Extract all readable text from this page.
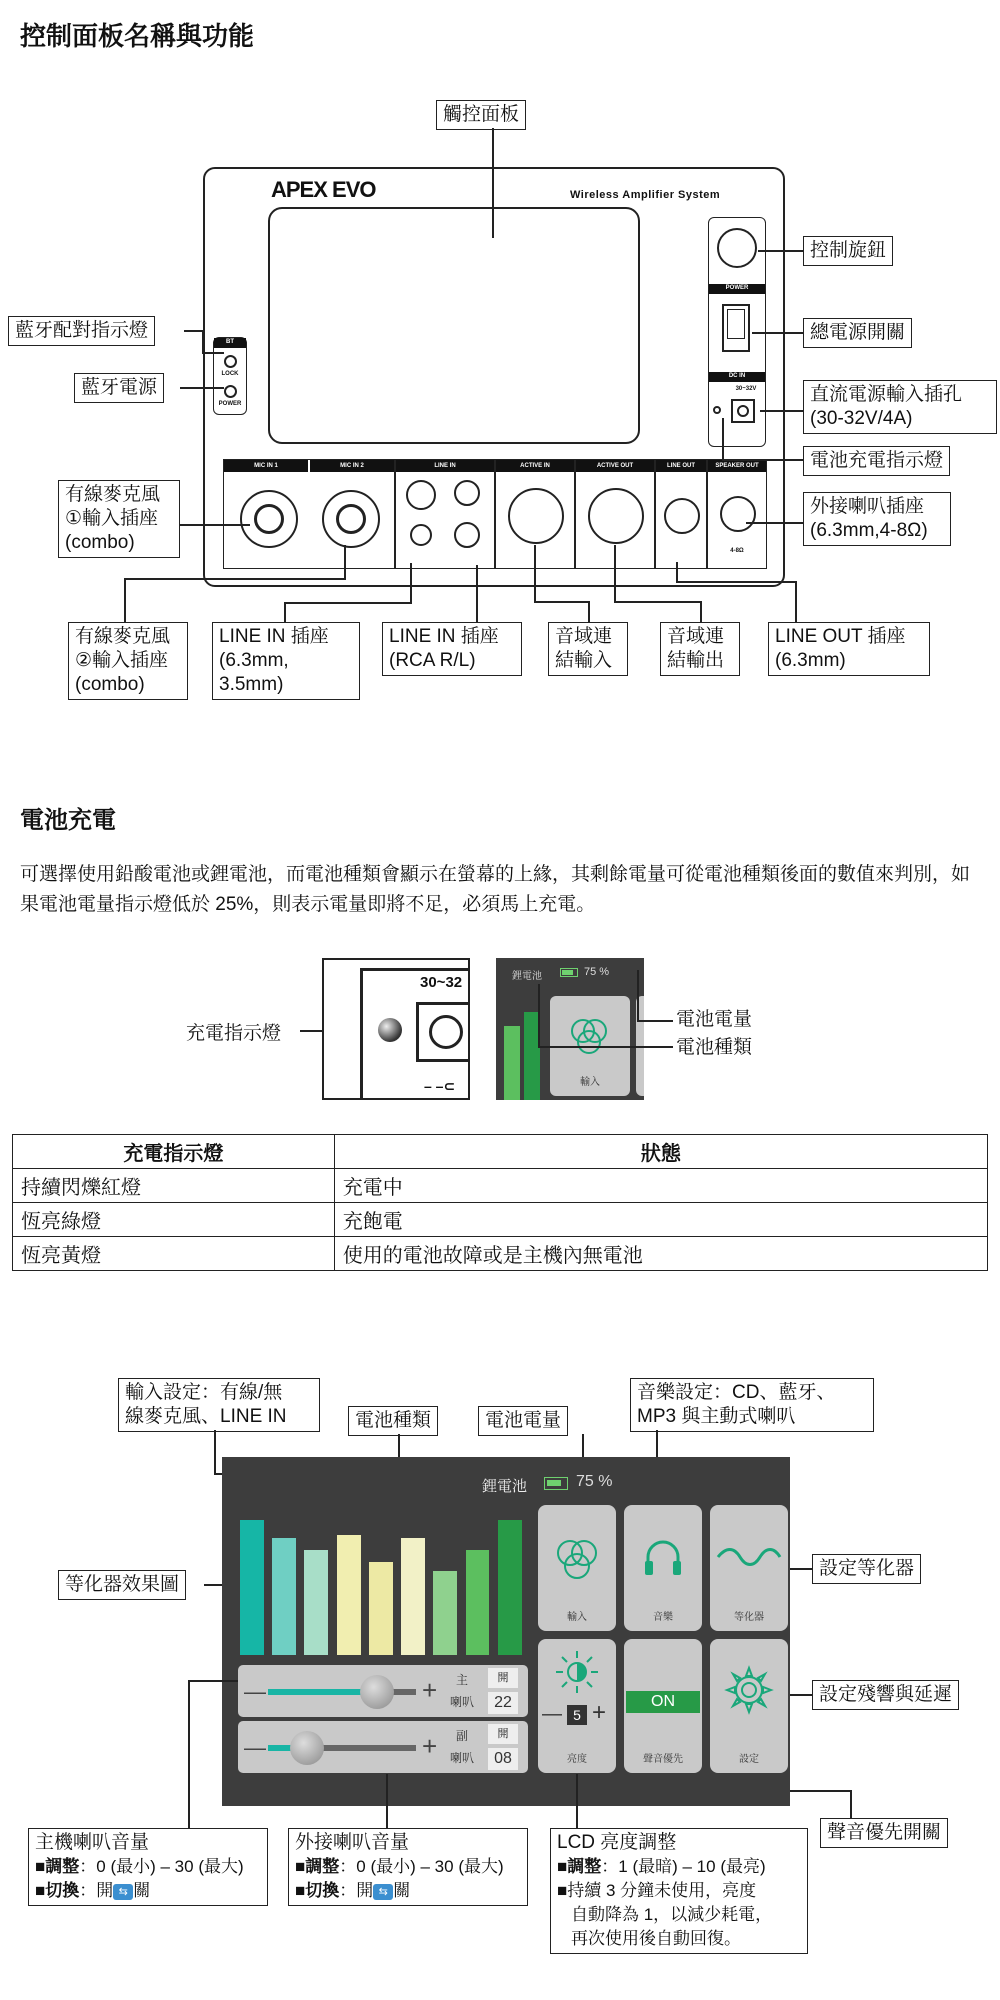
控制面板名稱與功能
APEX EVO	Wireless Amplifier System
BT
LOCK
POWER
POWER
DC IN
30~32V
MIC IN 1	MIC IN 2	LINE IN	ACTIVE IN	ACTIVE OUT	LINE OUT	SPEAKER OUT
4-8Ω
觸控面板
控制旋鈕
總電源開關
直流電源輸入插孔
(30-32V/4A)
電池充電指示燈
藍牙配對指示燈
藍牙電源
有線麥克風
①輸入插座
(combo)
外接喇叭插座
(6.3mm,4-8Ω)
有線麥克風
②輸入插座
(combo)
LINE IN 插座
(6.3mm, 3.5mm)
LINE IN 插座
(RCA R/L)
音域連
結輸入
音域連
結輸出
LINE OUT 插座
(6.3mm)
電池充電
可選擇使用鉛酸電池或鋰電池，而電池種類會顯示在螢幕的上緣，其剩餘電量可從電池種類後面的數值來判別，如果電池電量指示燈低於 25%，則表示電量即將不足，必須馬上充電。
充電指示燈
30~32
– –⊂
鋰電池	75 %
輸入
電池電量
電池種類
充電指示燈	狀態
持續閃爍紅燈	充電中
恆亮綠燈	充飽電
恆亮黃燈	使用的電池故障或是主機內無電池
輸入設定：有線/無
線麥克風、LINE IN	電池種類	電池電量
音樂設定：CD、藍牙、
MP3 與主動式喇叭
等化器效果圖
設定等化器
設定殘響與延遲
聲音優先開關
鋰電池	75 %
—	+ 主
喇叭
開
22
—	+ 副
喇叭
開
08
輸入	音樂	等化器
— 5 +
亮度
ON
聲音優先	設定
主機喇叭音量
■調整：0 (最小) – 30 (最大)
■切換：開 ⇆ 關
外接喇叭音量
■調整：0 (最小) – 30 (最大)
■切換：開 ⇆ 關
LCD 亮度調整
■調整：1 (最暗) – 10 (最亮)
■持續 3 分鐘未使用，亮度
自動降為 1，以減少耗電，
再次使用後自動回復。
